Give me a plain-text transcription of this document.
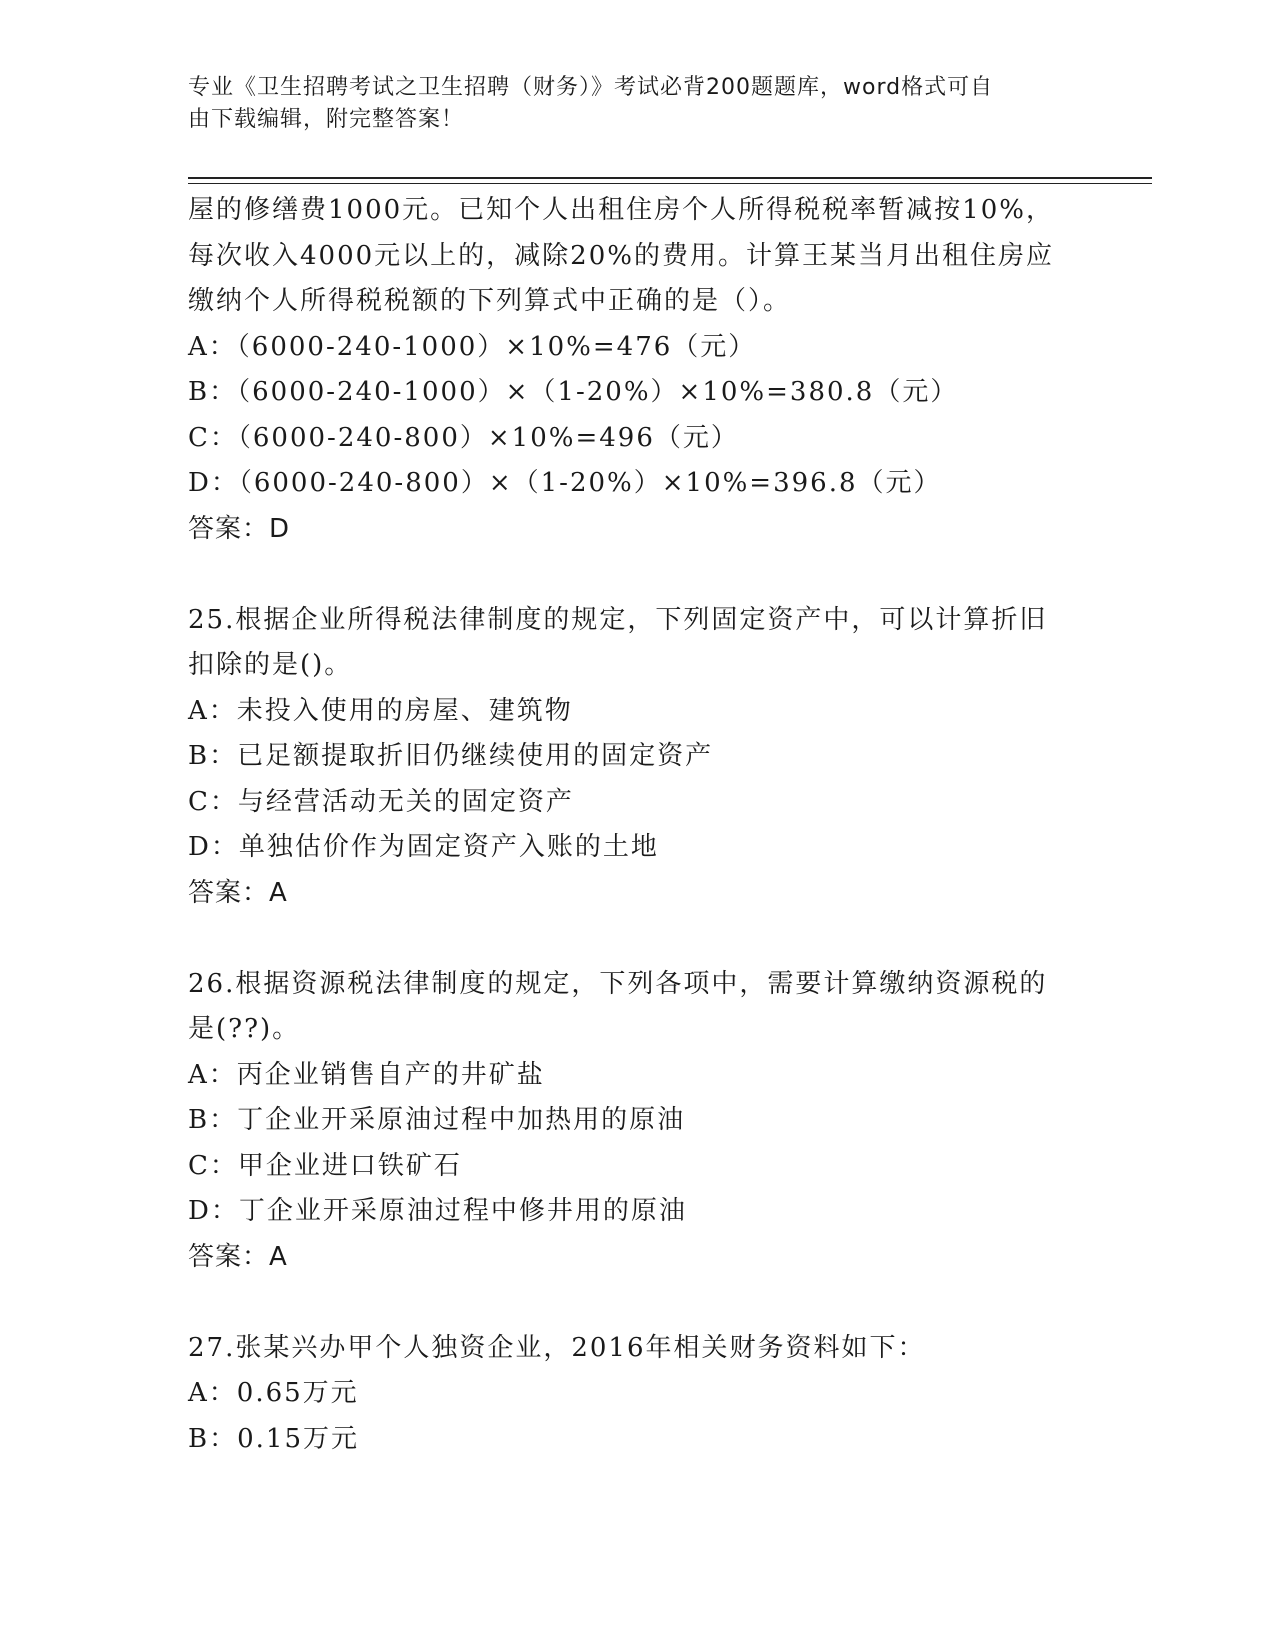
专业《卫生招聘考试之卫生招聘（财务）》考试必背200题题库，word格式可自
由下载编辑，附完整答案！
屋的修缮费1000元。已知个人出租住房个人所得税税率暂减按10%，
每次收入4000元以上的，减除20%的费用。计算王某当月出租住房应
缴纳个人所得税税额的下列算式中正确的是（）。
A：（6000-240-1000）×10%=476（元）
B：（6000-240-1000）×（1-20%）×10%=380.8（元）
C：（6000-240-800）×10%=496（元）
D：（6000-240-800）×（1-20%）×10%=396.8（元）
答案：D
25.根据企业所得税法律制度的规定，下列固定资产中，可以计算折旧
扣除的是()。
A：未投入使用的房屋、建筑物
B：已足额提取折旧仍继续使用的固定资产
C：与经营活动无关的固定资产
D：单独估价作为固定资产入账的土地
答案：A
26.根据资源税法律制度的规定，下列各项中，需要计算缴纳资源税的
是(??)。
A：丙企业销售自产的井矿盐
B：丁企业开采原油过程中加热用的原油
C：甲企业进口铁矿石
D：丁企业开采原油过程中修井用的原油
答案：A
27.张某兴办甲个人独资企业，2016年相关财务资料如下：
A：0.65万元
B：0.15万元
